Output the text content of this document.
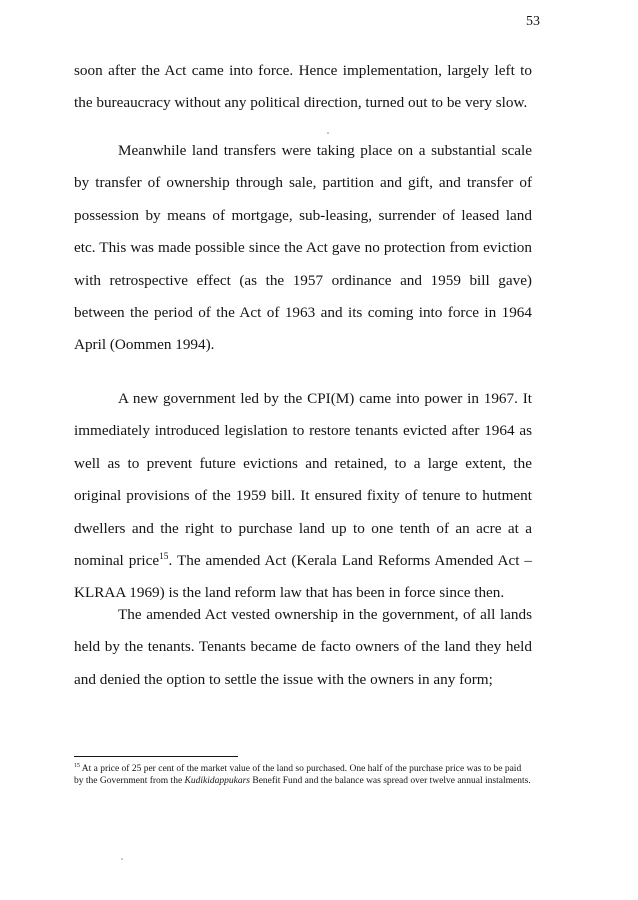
53

soon after the Act came into force. Hence implementation, largely left to the bureaucracy without any political direction, turned out to be very slow.

Meanwhile land transfers were taking place on a substantial scale by transfer of ownership through sale, partition and gift, and transfer of possession by means of mortgage, sub-leasing, surrender of leased land etc. This was made possible since the Act gave no protection from eviction with retrospective effect (as the 1957 ordinance and 1959 bill gave) between the period of the Act of 1963 and its coming into force in 1964 April (Oommen 1994).

A new government led by the CPI(M) came into power in 1967. It immediately introduced legislation to restore tenants evicted after 1964 as well as to prevent future evictions and retained, to a large extent, the original provisions of the 1959 bill. It ensured fixity of tenure to hutment dwellers and the right to purchase land up to one tenth of an acre at a nominal price$^{15}$. The amended Act (Kerala Land Reforms Amended Act – KLRAA 1969) is the land reform law that has been in force since then.

The amended Act vested ownership in the government, of all lands held by the tenants. Tenants became de facto owners of the land they held and denied the option to settle the issue with the owners in any form;

$^{15}$ At a price of 25 per cent of the market value of the land so purchased. One half of the purchase price was to be paid by the Government from the Kudikidappukars Benefit Fund and the balance was spread over twelve annual instalments.
